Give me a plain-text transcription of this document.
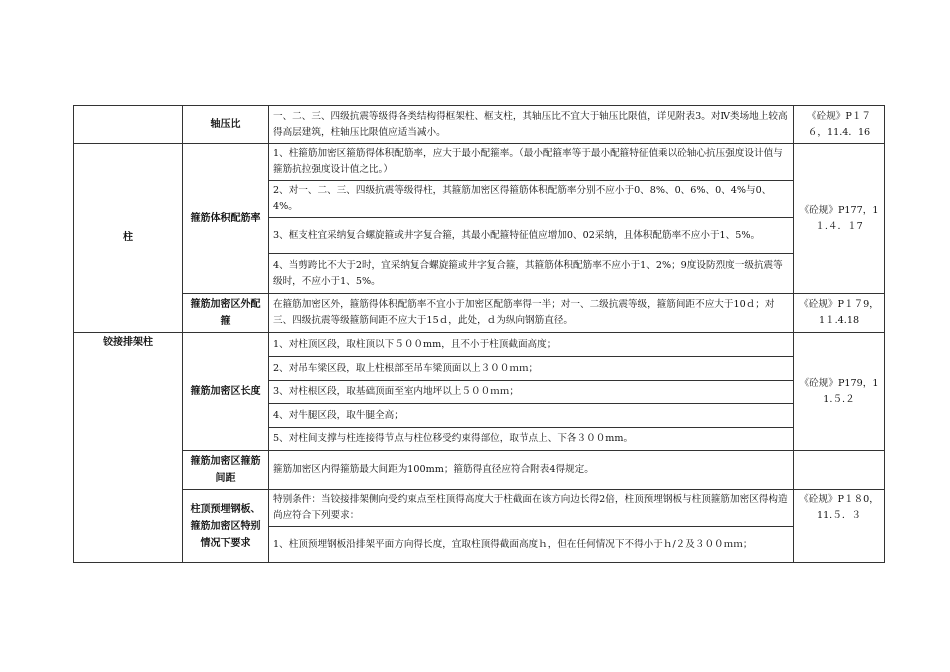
	轴压比	一、二、三、四级抗震等级得各类结构得框架柱、框支柱，其轴压比不宜大于轴压比限值，详见附表3。对Ⅳ类场地上较高得高层建筑，柱轴压比限值应适当减小。	《砼规》P１７６，11.4．16
柱	箍筋体积配筋率	1、柱箍筋加密区箍筋得体积配筋率，应大于最小配箍率。（最小配箍率等于最小配箍特征值乘以砼轴心抗压强度设计值与箍筋抗拉强度设计值之比。）	《砼规》P177，1１.４．１7
		2、对一、二、三、四级抗震等级得柱，其箍筋加密区得箍筋体积配筋率分别不应小于0、8%、0、6%、0、4%与0、4%。	
		3、框支柱宜采纳复合螺旋箍或井字复合箍，其最小配箍特征值应增加0、02采纳，且体积配筋率不应小于1、5%。	
		4、当剪跨比不大于2时，宜采纳复合螺旋箍或井字复合箍，其箍筋体积配筋率不应小于1、2%；9度设防烈度一级抗震等级时，不应小于1、5%。	
	箍筋加密区外配箍	在箍筋加密区外，箍筋得体积配筋率不宜小于加密区配筋率得一半；对一、二级抗震等级，箍筋间距不应大于10ｄ；对三、四级抗震等级箍筋间距不应大于15ｄ，此处，ｄ为纵向钢筋直径。	《砼规》P１７9，1１.4.18
铰接排架柱	箍筋加密区长度	1、对柱顶区段，取柱顶以下５００mm，且不小于柱顶截面高度；	《砼规》P179，11.５.２
		2、对吊车梁区段，取上柱根部至吊车梁顶面以上３００ｍｍ；	
		3、对柱根区段，取基础顶面至室内地坪以上５００ｍｍ；	
		4、对牛腿区段，取牛腿全高；	
		5、对柱间支撑与柱连接得节点与柱位移受约束得部位，取节点上、下各３００mm。	
	箍筋加密区箍筋间距	箍筋加密区内得箍筋最大间距为100mm；箍筋得直径应符合附表4得规定。	
	柱顶预埋钢板、箍筋加密区特别情况下要求	特别条件：当铰接排架侧向受约束点至柱顶得高度大于柱截面在该方向边长得2倍，柱顶预埋钢板与柱顶箍筋加密区得构造尚应符合下列要求：	《砼规》P１８0，11.５．３
		1、柱顶预埋钢板沿排架平面方向得长度，宜取柱顶得截面高度ｈ，但在任何情况下不得小于ｈ/２及３００ｍｍ；	
